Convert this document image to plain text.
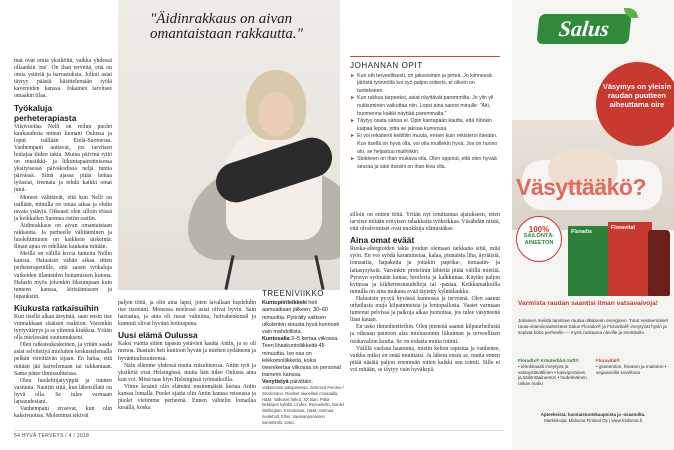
"Äidinrakkaus on aivan omantaistaan rakkautta."

mat ovat omia yksiköitä, vaikka yhdessä ollaankin 'me'. On ihan tervettä, että on omia ystäviä ja harrastuksia. Jolkut asiat täytyy päästä käsittelemään työlä kavereiden kanssa. Jokainen tarvitsee omaakin tilaa.

Työkaluja perheterapiasta

Viisivuotias Nelli on reilun puolet kaukaudesta minun luonani Oulussa ja loput isällään Etelä-Suomessa. Vanhempani auttavat, jos tarvitsen hoitajaa tiiden takia. Muina päivinä tyttö on musiikki- ja liikuntapainotteisessa yksityisessä päiväkodissa neljä tuntia päivässä. Siinä ajassa pitää hoitaa työasiat, treenata ja tehdä kaikki omat jutut.

Moneet välittävät, että kun Nelli on isällään, minulla on omaa aikaa ja ehdin tavata ystäviä. Oikeasti olen silloin töissä ja keikkailen Suomea ristiin rastiin.

Äidinrakkaus on aivan omantaistaan rakkautta. Ja perheelle välittäminen ja huolehtiminen on kaikkein tärkeintä. Ilman apua en edellään kaukana mitään.

Meillä on välillä kovia tunteita Nellin kanssa. Haluaisin vähän aikaa sitten perheterapeutille, että saisin työkaluja vaikeiden tilanteiden hoitamiseen kotona. Halusin myös johonkin fiksumpaan kuin tunteen kanssa, kiristämiseen ja lupauksiin.

Kiukusta ratkaisuihin

Kun itsellä alkaa ärsyttää, saan ensin itse vuimakkaan sisäisen reaktion. Varsinkin tyytyväisyys ja se ylimmä kiukkua. Yritän olla mielessäni suutumukseni.

Olen ratkaisukeskeinen, ja yritän saada asiat selvitettyä mieluiten keskustelemalla pelkän vireittävän sijaan. En halua, että mitään jää kaivelemaan tai tukkamaan. Sama pätee ihmissuhteissa.

Olen huolehtijatyyppiä ja tunnen vastuuta. Nauttin siitä, kun läheisilläni on hyvä olla. Se tulee varmaan lapsuudestani.

Vanhempani erosivat, kun olin kaksivuotias. Molemmat tekivät

paljon töitä, ja olin aina lapsi, joten lavallaan huolehdin itse itsestäni. Monessa mielessä asiat olivat hyvin. Sain harrastaa, ja aina oli ruoat valmiina, huivahenkimäl ja kummit olivat hyvänä hoitoapuna.

Uusi elämä Oulussa

Kaksi vuotta sitten tapasin ystävien kautta Antin, ja se oli menoa. Ihastuin heti kuntoon hyvän ja miehen sydämeen ja hyväntuulisuuteensa.

Näin elämme yhdessä mutta eräsuhteessa. Antin työt ja yksikötä ovat Helsingissä, mutta hän tulee Oulusta aina kun voi. Minä taas kiyn Helsingissä työmatkoilla.

Viime kesänä olin elämäni ensimmäistä kertaa Antin kanssa lomalla. Puolet ajasta olin Antin kanssa reissussa ja puolet vietimme perheenä. Ennen vähtelin lomailua kesällä, koska

TREENIVIIKKO
Kuntopiirileikkeki heti aamuaikaan jälkeen, 30–60 minuuttia. Pyöräily valitsen ulkolenkin sinusta hyvä kunnosti vain mahdollista.
Kuntosalia 3–5 kertaa viikossa. Teen lihaskuntoliikkeitä 45 minuuttia. Iso osa on leikkomoliikkeitä, koksi treenikertaa viikossa on personal trainerin kanssa.
Venyttelyä päivittäin.
Vaikeimmin palojaisessa, Selected Femme / Stockmann. Reidset alueellasi moniaalla. H&M. Valkoset farkut, XX Ban. Pitkä farkkujen kylällä, Lindex. Rannekello, Daniel Wellington. Kenakoivat, H&M. Harmaa neuleholl, Ellos. Vaaleanpunainen samettinilo, Jotex.
JOHANNAN OPIT
► Kun oih terveellisesti, on jaksoisinen ja pirteä. Jo kiinnessä jätöstä työnnöltä koi syö paljon sokeris, ei olkoin on tuntekseen.
► Kun rukkuu tarpeeksi, asiat näyttävät paremmilta. Jo ylin yli nukkuminen vaikuttaa niin. Lopsi aina sanoo minulle: "Äiti, huomenna kaikki näyttää paremmalta."
► Täytyy osata sanoa ei. Opin kantapään kautta, että ölönkin kaipaa lepoa, jotta se jaksaa kunnossa.
► Ei voi rekisteroi keitlöiin muuta, ennen kuin rekisteroi itseään. Kun itsellä on hyvä olla, voi olla muillekin hyvä. Jos on huono olo, se heijastuu muihinkin.
► Stokkeen on ihan mukava olla. Olen oppinut, että olen hyvää seuraa ja säoi itseäni on ihan kiva olla.

silloin on eniten töitä. Yritän nyt totuttautua ajatukseen, etten tarvitse mitään erityisen rahakkaita työkeikkaa. Väsähdän niistä, että olvalvomiset ovat nuokkuja elämistäkse.

Aina omat eväät

Ruoka-allergioiden takia joudun olemaan tarkkana siitä, mitä syön. En voi syödä karammeiaa, kalaa, pinnaista liha, äyriäisiä, tomaattia, hapaketta ja joitakin paprika-, tomaatin- ja laitasysyksiä. Varsinkin proteiinin lähteitä pitää välillä miettiä. Pyrstyn syömään kanaa, broileria ja kalkkunaa. Käytän paljon kvinoaa ja kikhernesnaudelteja tai -pastaa. Keikkamatkoilla minulla on aina mukana evää täytetty kylmälaukku.

Haluaisin pysyä hyvässä kunnossa ja terveenä. Olen saanut urheilusta muja kilpatunteista ja lentopallosta. Vaatet varmaan tuntenut pelvissa ja paikoja alkaa juonottaa, jos tulee väsyneenä liian kauan.

En usko ihmedieetteihin. Olen pienenä saanut kilpaurheilustä ja oikeaan painoon alas mielusonnin liikunnan ja terveellisen ruokavalion kautta. Se on todasta mutta toimii.

Välillä vaelsua haamuna, mietin kehon rapistua ja vanhenee, vaikka miksi en enää muuttaisi. Ja läheni ensin se, mutta ennen pitää näsätä paljon enemmän miten kaikki sen toimii. Sille ei voi mitään, se täytyy vain hyväksyä.

54 HYVÄ TERVEYS / 4 / 2018
Salus
Väsymys on yleisin raudan puutteen aiheuttama oire
Väsyttääkö?
100%
SÄILÖNTÄ-AINEETON
Floradix
Floravital
Varmista raudan saantisi ilman vatsavaivoja!
Jokainen meistä tarvitsee rautaa ollakseen energinen. Tutut nesteemäiset rauta-vitamiinivalmisteet Salus Floradix® ja Floravital® imeytyvät hyvin ja sopivat koko perheelle — myös raskaana oleville ja imettäville.
Floradix® Kräuterblut-Saft®
• tehokkaasti imeytyvä ja vatsaystävällinen • kasviperäinen ja säilöntäaineeton • hedelmäinen raikas maku
Floravital®
• gluteeniton, hiivaton ja maitoton • vegaaneille soveltuva
Apteekeista, luontaistuotekaupoista ja -osastoilta.
Markkinoija: Midsona Finland Oy | www.midsona.fi
